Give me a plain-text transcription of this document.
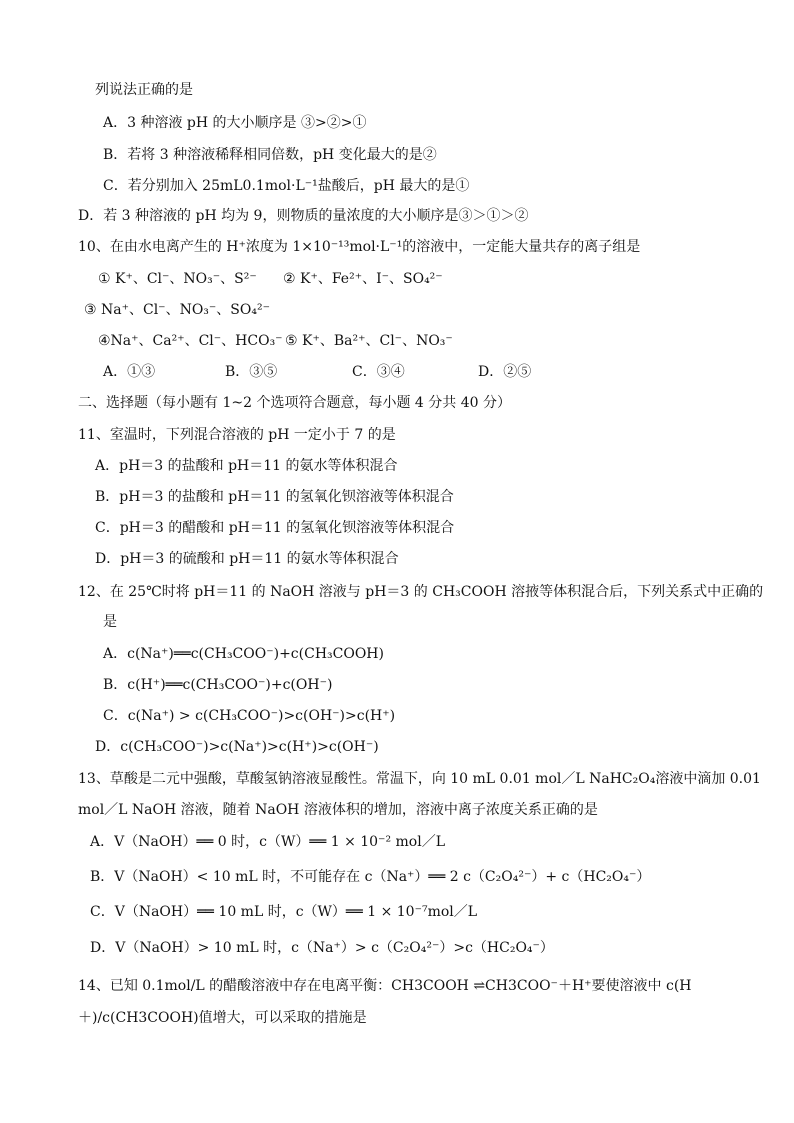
列说法正确的是
A．3 种溶液 pH 的大小顺序是 ③>②>①
B．若将 3 种溶液稀释相同倍数，pH 变化最大的是②
C．若分别加入 25mL0.1mol·L⁻¹盐酸后，pH 最大的是①
D．若 3 种溶液的 pH 均为 9，则物质的量浓度的大小顺序是③＞①＞②
10、在由水电离产生的 H⁺浓度为 1×10⁻¹³mol·L⁻¹的溶液中，一定能大量共存的离子组是
① K⁺、Cl⁻、NO₃⁻、S²⁻ ② K⁺、Fe²⁺、I⁻、SO₄²⁻
③ Na⁺、Cl⁻、NO₃⁻、SO₄²⁻
④Na⁺、Ca²⁺、Cl⁻、HCO₃⁻ ⑤ K⁺、Ba²⁺、Cl⁻、NO₃⁻
A．①③	B．③⑤	C．③④	D．②⑤
二、选择题（每小题有 1~2 个选项符合题意，每小题 4 分共 40 分）
11、室温时，下列混合溶液的 pH 一定小于 7 的是
A．pH＝3 的盐酸和 pH＝11 的氨水等体积混合
B．pH＝3 的盐酸和 pH＝11 的氢氧化钡溶液等体积混合
C．pH＝3 的醋酸和 pH＝11 的氢氧化钡溶液等体积混合
D．pH＝3 的硫酸和 pH＝11 的氨水等体积混合
12、在 25℃时将 pH＝11 的 NaOH 溶液与 pH＝3 的 CH₃COOH 溶掖等体积混合后，下列关系式中正确的
是
A．c(Na⁺)══c(CH₃COO⁻)+c(CH₃COOH)
B．c(H⁺)══c(CH₃COO⁻)+c(OH⁻)
C．c(Na⁺) > c(CH₃COO⁻)>c(OH⁻)>c(H⁺)
D．c(CH₃COO⁻)>c(Na⁺)>c(H⁺)>c(OH⁻)
13、草酸是二元中强酸，草酸氢钠溶液显酸性。常温下，向 10 mL 0.01 mol／L NaHC₂O₄溶液中滴加 0.01
mol／L NaOH 溶液，随着 NaOH 溶液体积的增加，溶液中离子浓度关系正确的是
A．V（NaOH）══ 0 时，c（W）══ 1 × 10⁻² mol／L
B．V（NaOH）< 10 mL 时，不可能存在 c（Na⁺）══ 2 c（C₂O₄²⁻）+ c（HC₂O₄⁻）
C．V（NaOH）══ 10 mL 时，c（W）══ 1 × 10⁻⁷mol／L
D．V（NaOH）> 10 mL 时，c（Na⁺）> c（C₂O₄²⁻）>c（HC₂O₄⁻）
14、已知 0.1mol/L 的醋酸溶液中存在电离平衡：CH3COOH ⇌CH3COO⁻＋H⁺要使溶液中 c(H
＋)/c(CH3COOH)值增大，可以采取的措施是
